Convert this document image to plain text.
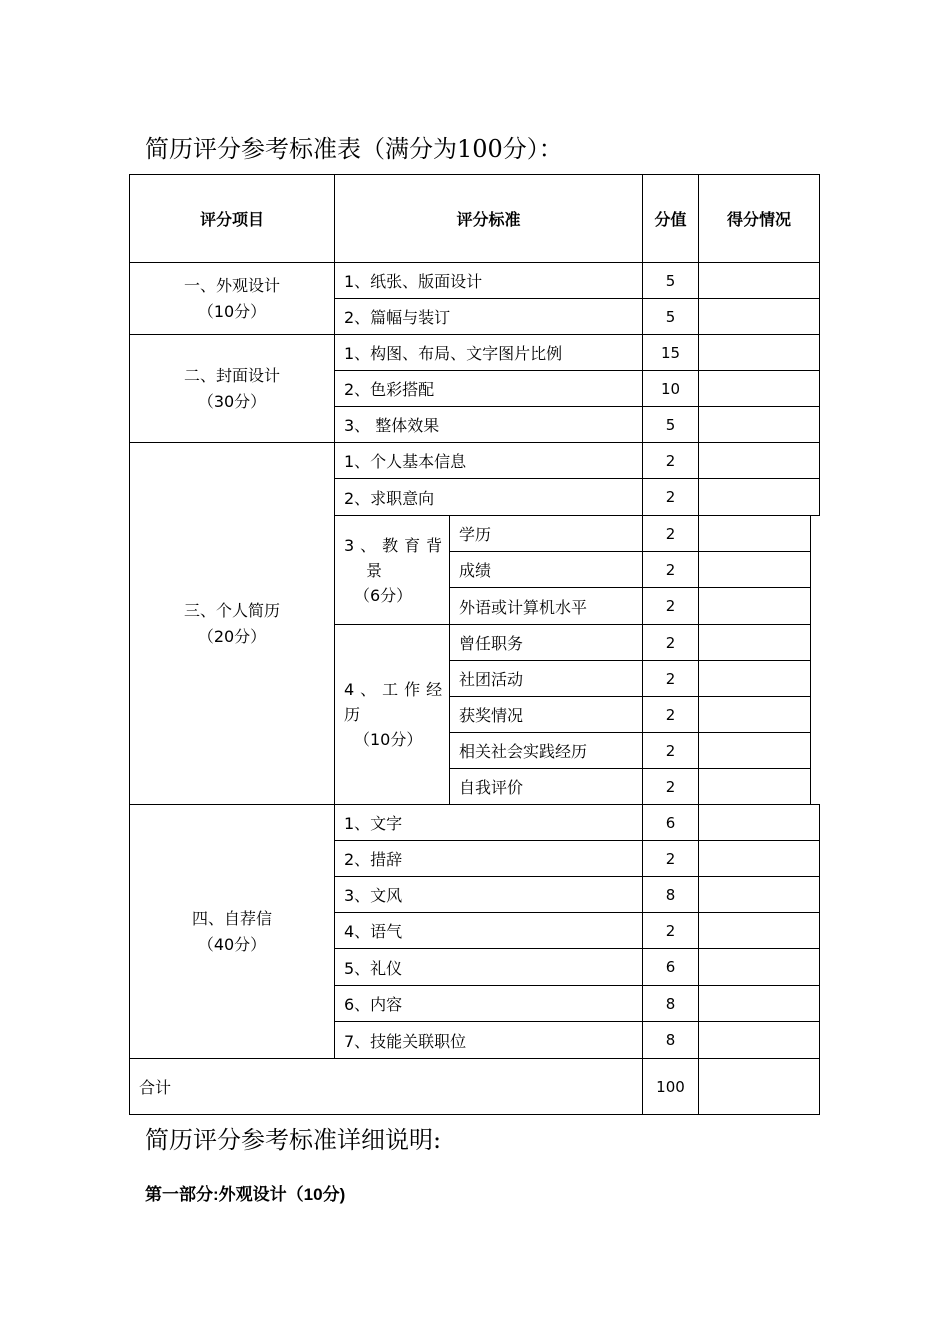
简历评分参考标准表（满分为100分）：
评分项目	评分标准	分值	得分情况
一、外观设计
（10分）
1、纸张、版面设计	5
2、篇幅与装订	5
二、封面设计
（30分）
1、构图、布局、文字图片比例	15
2、色彩搭配	10
3、 整体效果	5
三、个人简历
（20分）
1、个人基本信息	2
2、求职意向	2
3、教育背
景
（6分）
学历	2
成绩	2
外语或计算机水平	2
4、工作经
历
（10分）
曾任职务	2
社团活动	2
获奖情况	2
相关社会实践经历	2
自我评价	2
四、自荐信
（40分）
1、文字	6
2、措辞	2
3、文风	8
4、语气	2
5、礼仪	6
6、内容	8
7、技能关联职位	8
合计	100
简历评分参考标准详细说明:
第一部分:外观设计（10分)
